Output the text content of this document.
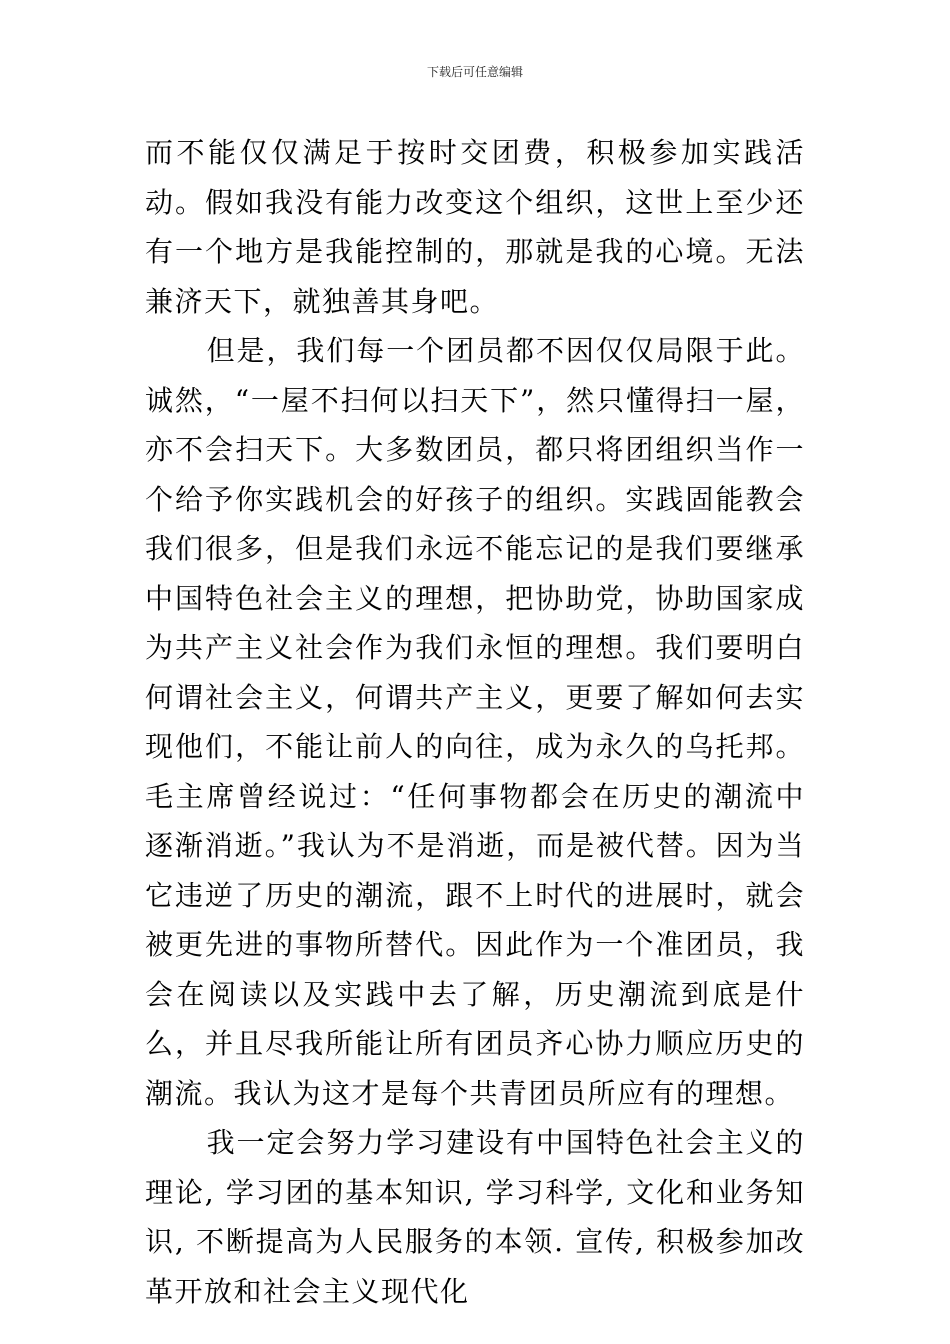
下载后可任意编辑

而不能仅仅满足于按时交团费，积极参加实践活动。假如我没有能力改变这个组织，这世上至少还有一个地方是我能控制的，那就是我的心境。无法兼济天下，就独善其身吧。

但是，我们每一个团员都不因仅仅局限于此。诚然，“一屋不扫何以扫天下”，然只懂得扫一屋，亦不会扫天下。大多数团员，都只将团组织当作一个给予你实践机会的好孩子的组织。实践固能教会我们很多，但是我们永远不能忘记的是我们要继承中国特色社会主义的理想，把协助党，协助国家成为共产主义社会作为我们永恒的理想。我们要明白何谓社会主义，何谓共产主义，更要了解如何去实现他们，不能让前人的向往，成为永久的乌托邦。毛主席曾经说过：“任何事物都会在历史的潮流中逐渐消逝。”我认为不是消逝，而是被代替。因为当它违逆了历史的潮流，跟不上时代的进展时，就会被更先进的事物所替代。因此作为一个准团员，我会在阅读以及实践中去了解，历史潮流到底是什么，并且尽我所能让所有团员齐心协力顺应历史的潮流。我认为这才是每个共青团员所应有的理想。

我一定会努力学习建设有中国特色社会主义的理论, 学习团的基本知识, 学习科学, 文化和业务知识, 不断提高为人民服务的本领. 宣传, 积极参加改革开放和社会主义现代化
